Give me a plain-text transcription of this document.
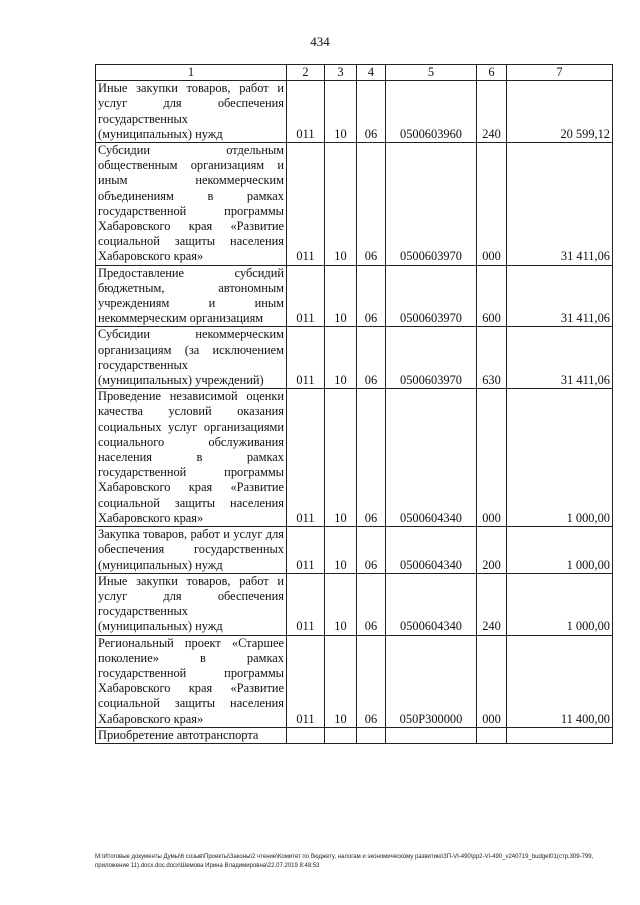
434
1	2	3	4	5	6	7
Иные закупки товаров, работ и услуг для обеспечения государственных (муниципальных) нужд	011	10	06	0500603960	240	20 599,12
Субсидии отдельным общественным организациям и иным некоммерческим объединениям в рамках государственной программы Хабаровского края «Развитие социальной защиты населения Хабаровского края»	011	10	06	0500603970	000	31 411,06
Предоставление субсидий бюджетным, автономным учреждениям и иным некоммерческим организациям	011	10	06	0500603970	600	31 411,06
Субсидии некоммерческим организациям (за исключением государственных (муниципальных) учреждений)	011	10	06	0500603970	630	31 411,06
Проведение независимой оценки качества условий оказания социальных услуг организациями социального обслуживания населения в рамках государственной программы Хабаровского края «Развитие социальной защиты населения Хабаровского края»	011	10	06	0500604340	000	1 000,00
Закупка товаров, работ и услуг для обеспечения государственных (муниципальных) нужд	011	10	06	0500604340	200	1 000,00
Иные закупки товаров, работ и услуг для обеспечения государственных (муниципальных) нужд	011	10	06	0500604340	240	1 000,00
Региональный проект «Старшее поколение» в рамках государственной программы Хабаровского края «Развитие социальной защиты населения Хабаровского края»	011	10	06	050P300000	000	11 400,00
Приобретение автотранспорта						
M:\Итоговые документы Думы\6 созыв\Проекты\Законы\2 чтение\Комитет по бюджету, налогам и экономическому развитию\ЗП-VI-490\pp2-VI-490_v240719_budget01(стр.309-799, приложение 11).docx.doc.docx\Шемова Ирина Владимировна\22.07.2019 8:48:53
